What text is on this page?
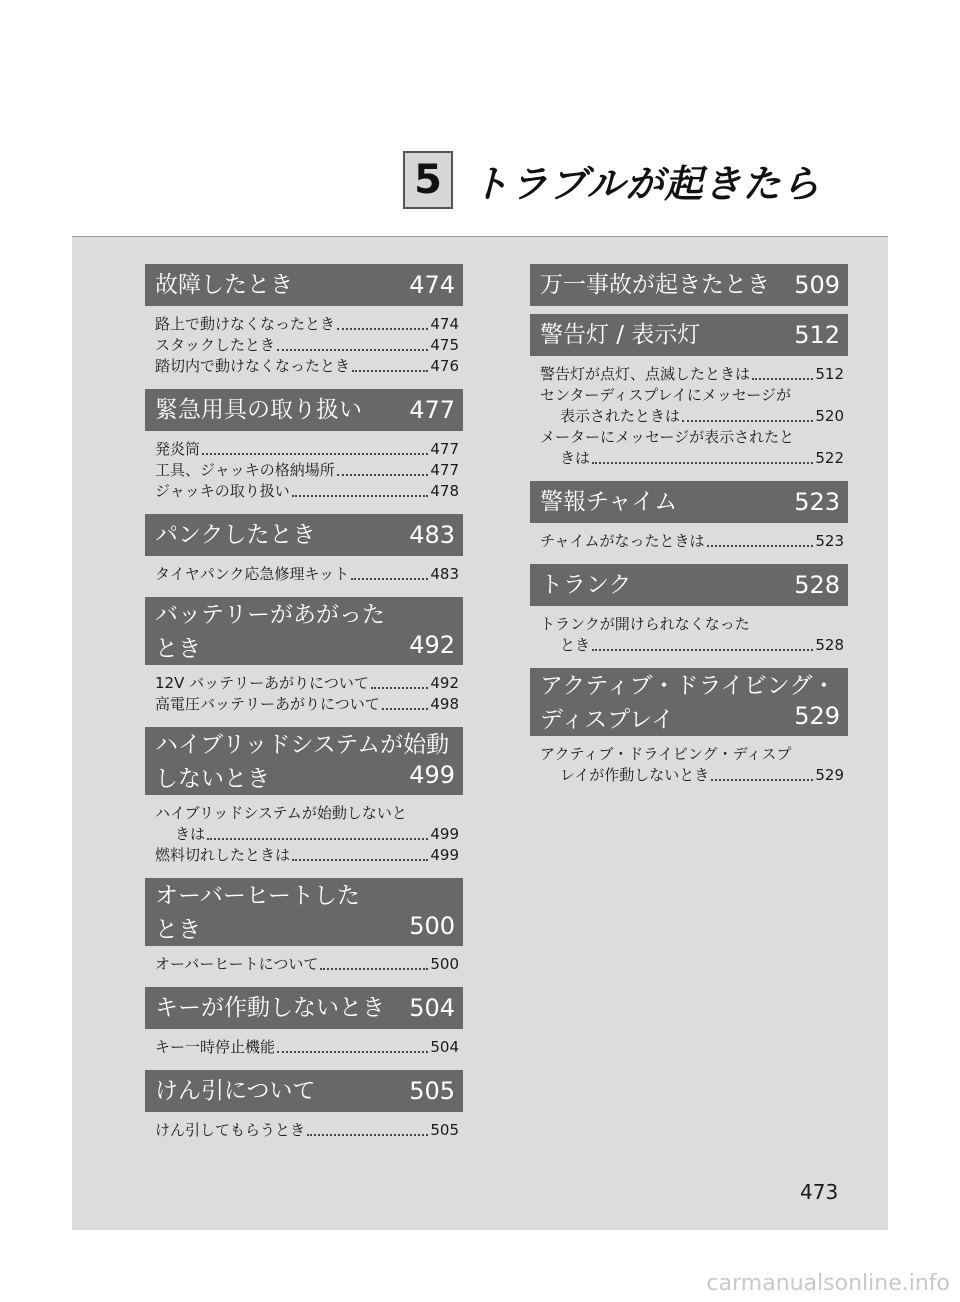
5 トラブルが起きたら
故障したとき	474
路上で動けなくなったとき	474
スタックしたとき	475
踏切内で動けなくなったとき	476
緊急用具の取り扱い 477
発炎筒	477
工具、ジャッキの格納場所	477
ジャッキの取り扱い	478
パンクしたとき	483
タイヤパンク応急修理キット	483
バッテリーがあがった
とき	492
12V バッテリーあがりについて	492
高電圧バッテリーあがりについて	498
ハイブリッドシステムが始動
しないとき	499
ハイブリッドシステムが始動しないと
きは	499
燃料切れしたときは	499
オーバーヒートした
とき	500
オーバーヒートについて	500
キーが作動しないとき 504
キー一時停止機能	504
けん引について	505
けん引してもらうとき	505
万一事故が起きたとき 509
警告灯 / 表示灯	512
警告灯が点灯、点滅したときは	512
センターディスプレイにメッセージが
表示されたときは	520
メーターにメッセージが表示されたと
きは	522
警報チャイム	523
チャイムがなったときは	523
トランク	528
トランクが開けられなくなった
とき	528
アクティブ・ドライビング・
ディスプレイ	529
アクティブ・ドライビング・ディスプ
レイが作動しないとき	529
473
carmanualsonline.info
